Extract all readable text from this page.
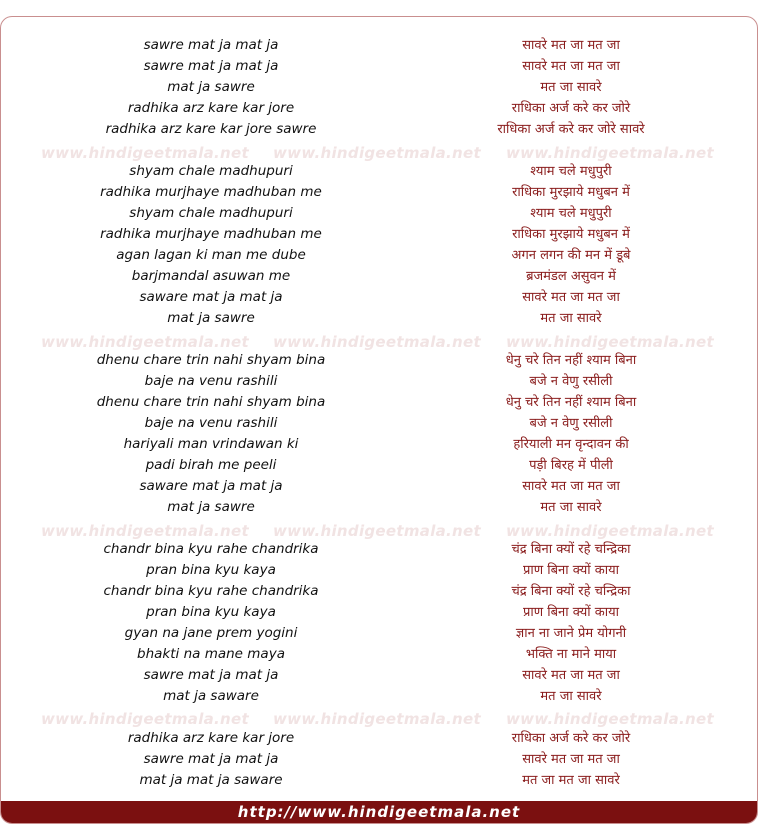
www.hindigeetmala.net www.hindigeetmala.net www.hindigeetmala.net
www.hindigeetmala.net www.hindigeetmala.net www.hindigeetmala.net
www.hindigeetmala.net www.hindigeetmala.net www.hindigeetmala.net
www.hindigeetmala.net www.hindigeetmala.net www.hindigeetmala.net
sawre mat ja mat ja	सावरे मत जा मत जा
sawre mat ja mat ja	सावरे मत जा मत जा
mat ja sawre	मत जा सावरे
radhika arz kare kar jore	राधिका अर्ज करे कर जोरे
radhika arz kare kar jore sawre	राधिका अर्ज करे कर जोरे सावरे
shyam chale madhupuri	श्याम चले मधुपुरी
radhika murjhaye madhuban me	राधिका मुरझाये मधुबन में
shyam chale madhupuri	श्याम चले मधुपुरी
radhika murjhaye madhuban me	राधिका मुरझाये मधुबन में
agan lagan ki man me dube	अगन लगन की मन में डूबे
barjmandal asuwan me	ब्रजमंडल असुवन में
saware mat ja mat ja	सावरे मत जा मत जा
mat ja sawre	मत जा सावरे
dhenu chare trin nahi shyam bina	धेनु चरे तिन नहीं श्याम बिना
baje na venu rashili	बजे न वेणु रसीली
dhenu chare trin nahi shyam bina	धेनु चरे तिन नहीं श्याम बिना
baje na venu rashili	बजे न वेणु रसीली
hariyali man vrindawan ki	हरियाली मन वृन्दावन की
padi birah me peeli	पड़ी बिरह में पीली
saware mat ja mat ja	सावरे मत जा मत जा
mat ja sawre	मत जा सावरे
chandr bina kyu rahe chandrika	चंद्र बिना क्यों रहे चन्द्रिका
pran bina kyu kaya	प्राण बिना क्यों काया
chandr bina kyu rahe chandrika	चंद्र बिना क्यों रहे चन्द्रिका
pran bina kyu kaya	प्राण बिना क्यों काया
gyan na jane prem yogini	ज्ञान ना जाने प्रेम योगनी
bhakti na mane maya	भक्ति ना माने माया
sawre mat ja mat ja	सावरे मत जा मत जा
mat ja saware	मत जा सावरे
radhika arz kare kar jore	राधिका अर्ज करे कर जोरे
sawre mat ja mat ja	सावरे मत जा मत जा
mat ja mat ja saware	मत जा मत जा सावरे
http://www.hindigeetmala.net
